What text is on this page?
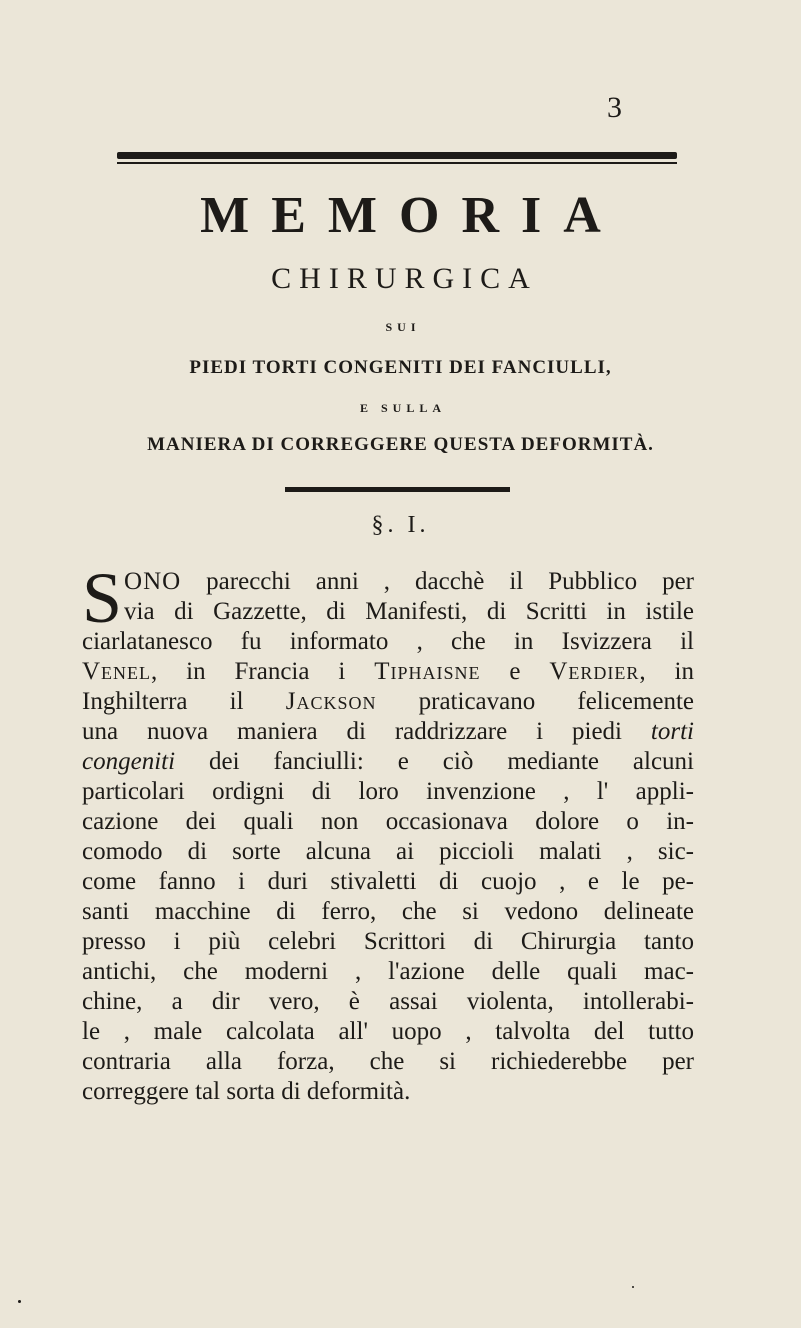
3
MEMORIA
CHIRURGICA
SUI
PIEDI TORTI CONGENITI DEI FANCIULLI,
E SULLA
MANIERA DI CORREGGERE QUESTA DEFORMITÀ.
§. I.
S ONO parecchi anni , dacchè il Pubblico per
via di Gazzette, di Manifesti, di Scritti in istile
ciarlatanesco fu informato , che in Isvizzera il
Venel, in Francia i Tiphaisne e Verdier, in
Inghilterra il Jackson praticavano felicemente
una nuova maniera di raddrizzare i piedi torti
congeniti dei fanciulli: e ciò mediante alcuni
particolari ordigni di loro invenzione , l' appli-
cazione dei quali non occasionava dolore o in-
comodo di sorte alcuna ai piccioli malati , sic-
come fanno i duri stivaletti di cuojo , e le pe-
santi macchine di ferro, che si vedono delineate
presso i più celebri Scrittori di Chirurgia tanto
antichi, che moderni , l'azione delle quali mac-
chine, a dir vero, è assai violenta, intollerabi-
le , male calcolata all' uopo , talvolta del tutto
contraria alla forza, che si richiederebbe per
correggere tal sorta di deformità.
